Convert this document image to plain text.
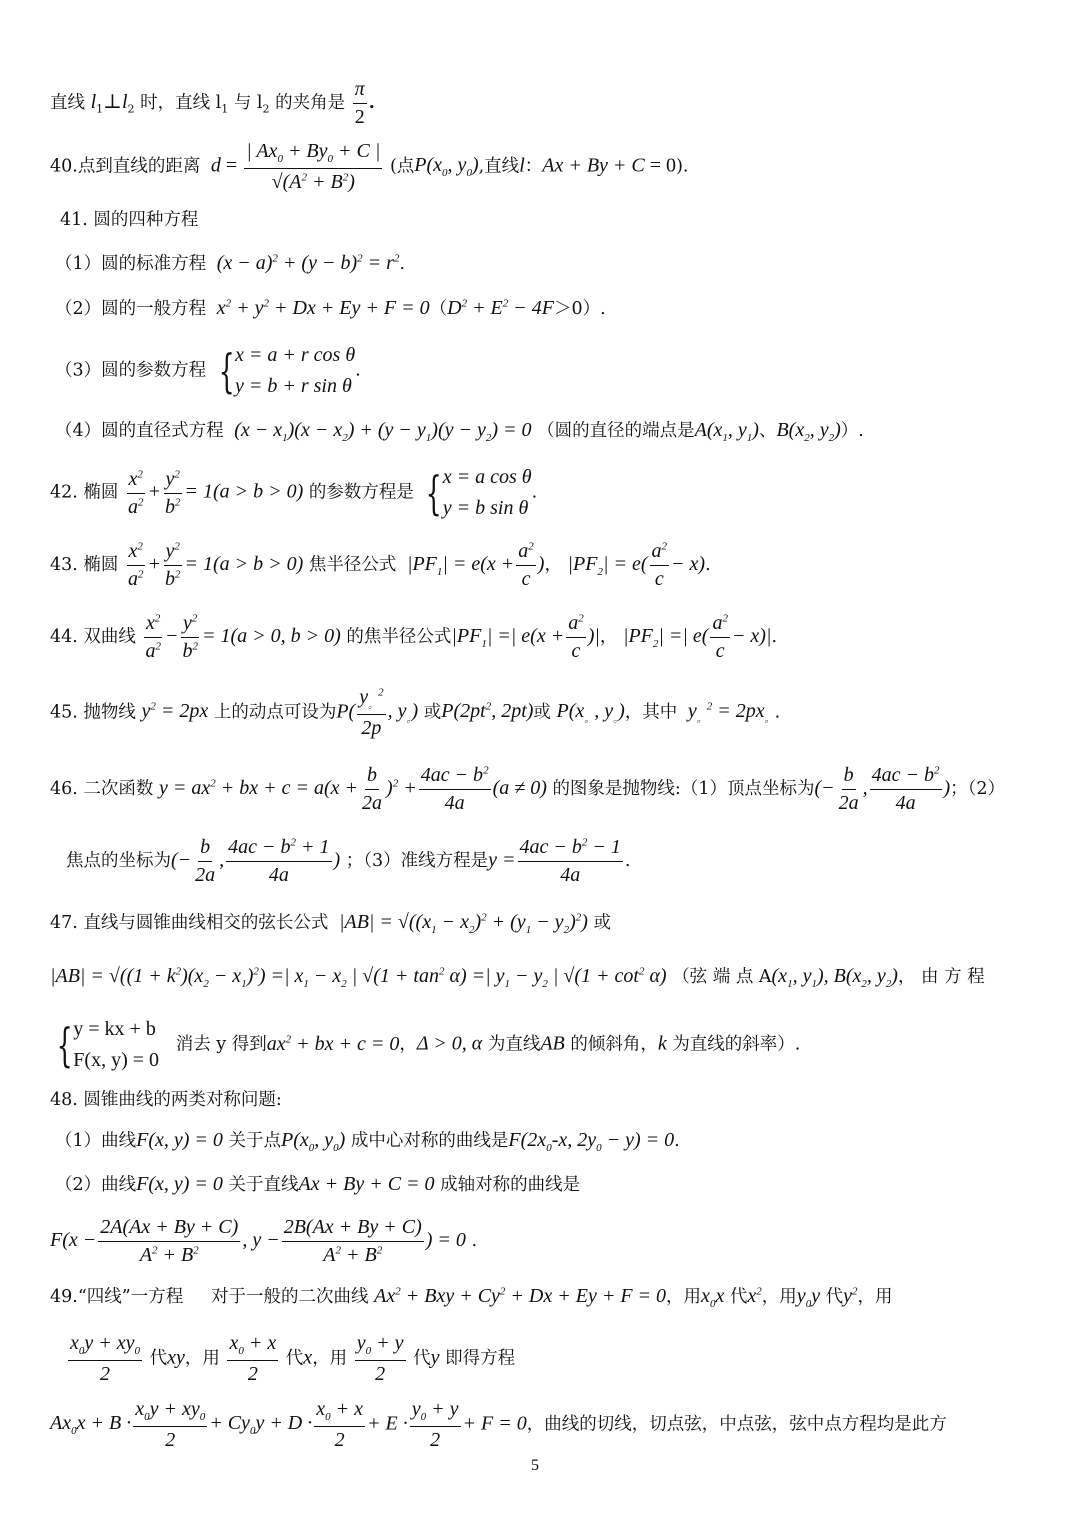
直线 $l_1\perp l_2$ 时，直线 $l_1$ 与 $l_2$ 的夹角是 $\frac{\pi}{2}$ .
40.点到直线的距离  $d = \frac{| Ax_0 + By_0 + C |}{√(A^2 + B^2)}$ (点$P(x_0$, $y_0$),直线l：Ax + By + C = 0).
41. 圆的四种方程
（1）圆的标准方程  $(x - a)^2 + (y - b)^2 = r^2$.
（2）圆的一般方程  $x^2 + y^2 + Dx + Ey + F = 0(D^2 + E^2 - 4F>0)$.
（3）圆的参数方程 { x = a + r cos θ
y = b + r sin θ
.
（4）圆的直径式方程  $(x - x_1)(x - x_2) + (y - y_1)(y - y_2) = 0$ （圆的直径的端点是$A(x_1$, $y_1$)、$B(x_2$, $y_2$)）.
42. 椭圆 $\frac{x^2}{a^2} + \frac{y^2}{b^2} = 1(a > b > 0)$ 的参数方程是 { x = a cos θ
y = b sin θ
.
43. 椭圆 $\frac{x^2}{a^2} + \frac{y^2}{b^2} = 1(a > b > 0)$ 焦半径公式  $|PF_1| = e(x + \frac{a^2}{c}$ )， $|PF_2| = e( \frac{a^2}{c} - x)$.
44. 双曲线 $\frac{x^2}{a^2} - \frac{y^2}{b^2} = 1(a > 0$, b > 0) 的焦半径公式$|PF_1|$ =| $e(x + \frac{a^2}{c}$ )|， $|PF_2|$ =| $e( \frac{a^2}{c} - x)|$.
45. 抛物线 $y^2 = 2px$ 上的动点可设为$P( \frac{y_。^2}{2p}$ , $y_。$) 或$P(2pt^2$, 2pt)或 $P(x_。$, $y_。$)，其中  $y_。^2 = 2px_。$.
46. 二次函数 $y = ax^2$ + bx + $c = a(x + \frac{b}{2a} )^2 + \frac{4ac - b^2}{4a} (a \ne 0)$ 的图象是抛物线:（1）顶点坐标为(− $\frac{b}{2a}$ , $\frac{4ac - b^2}{4a}$ )；（2）
焦点的坐标为(− $\frac{b}{2a}$ , $\frac{4ac - b^2 + 1}{4a}$ ) ；（3）准线方程是$y = \frac{4ac - b^2 - 1}{4a}$ .
47. 直线与圆锥曲线相交的弦长公式  $|AB| = √((x_1 - x_2)^2 + (y_1 - y_2)^2)$ 或
$|AB| = √((1 + k^2)(x_2 - x_1)^2)$ =| $x_1 - x_2$ | $√(1 + \tan^2 \alpha)$ =| $y_1 - y_2$ | $√(1 + \cot^2 \alpha)$ （弦 端 点 $A(x_1$, $y_1$), $B(x_2$, $y_2$)， 由 方 程
{ y = kx + b
F(x, y) = 0
消去 y 得到$ax^2$ + bx + c = 0，Δ > 0, α 为直线AB 的倾斜角，k 为直线的斜率）.
48. 圆锥曲线的两类对称问题:
（1）曲线F(x, y) = 0 关于点$P(x_0$, $y_0$) 成中心对称的曲线是$F(2x_0-x$, $2y_0 - y) = 0$.
（2）曲线F(x, y) = 0 关于直线Ax + By + C = 0 成轴对称的曲线是
$F(x - \frac{2A(Ax + By + C)}{A^2 + B^2}$ , $y - \frac{2B(Ax + By + C)}{A^2 + B^2}$ ) = 0 .
49.“四线”一方程 对于一般的二次曲线 $Ax^2$ + Bxy + $Cy^2 + Dx + Ey + F = 0$，用$x_0x$ 代$x^2$，用$y_0y$ 代$y^2$，用
$\frac{x_0y + xy_0}{2}$ 代xy，用 $\frac{x_0 + x}{2}$ 代x，用 $\frac{y_0 + y}{2}$ 代y 即得方程
$Ax_0x + B \cdot \frac{x_0y + xy_0}{2} + Cy_0y + D \cdot \frac{x_0 + x}{2} + E \cdot \frac{y_0 + y}{2} + F = 0$，曲线的切线，切点弦，中点弦，弦中点方程均是此方
5
